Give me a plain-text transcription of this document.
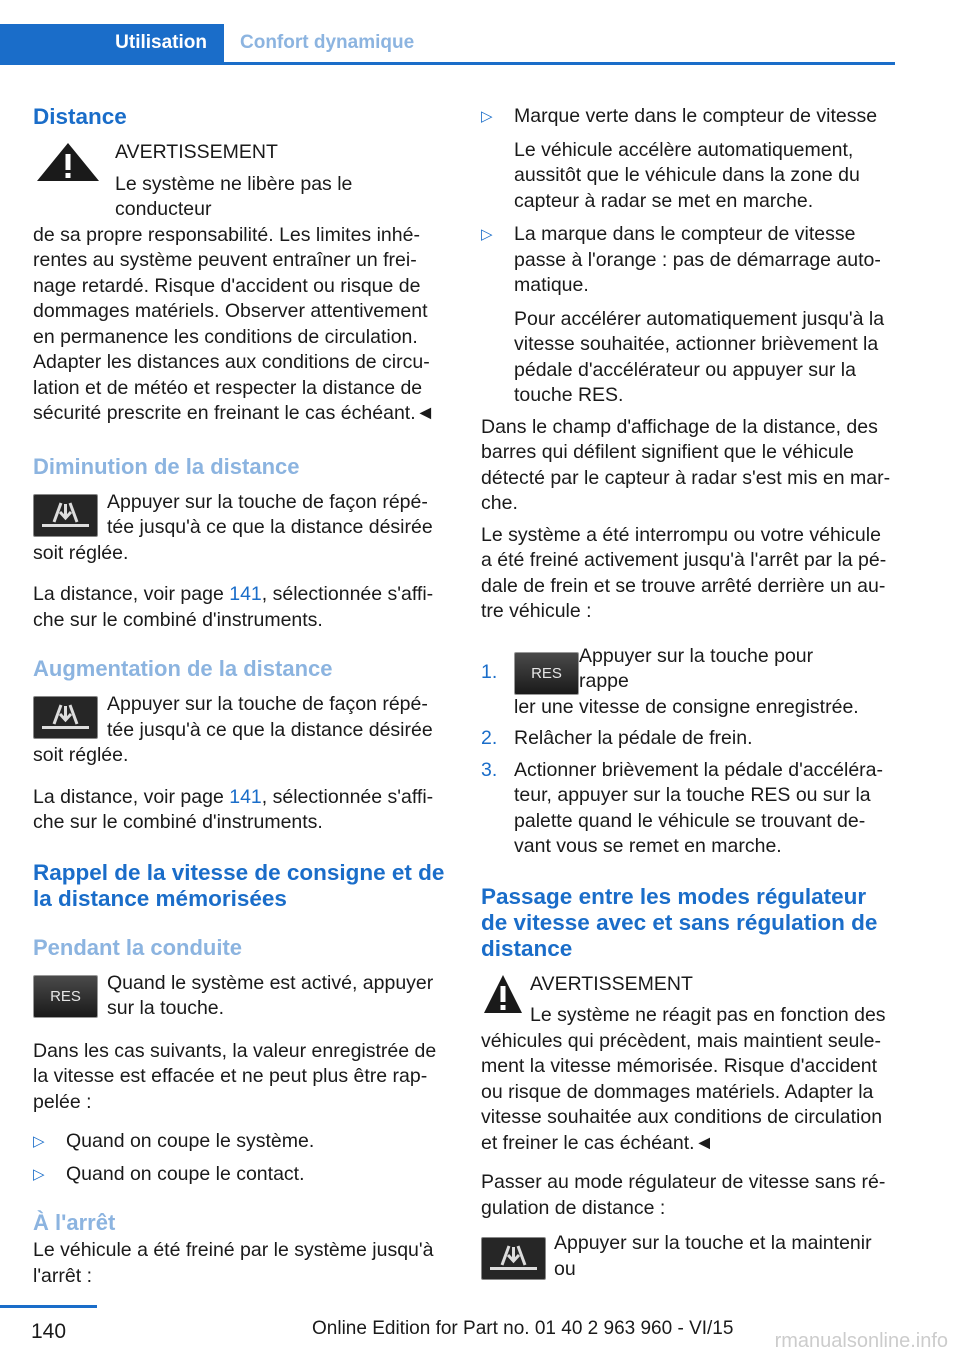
Utilisation	Confort dynamique

Distance

AVERTISSEMENT

Le système ne libère pas le conducteur

de sa propre responsabilité. Les limites inhérentes au système peuvent entraîner un freinage retardé. Risque d'accident ou risque de dommages matériels. Observer attentivement en permanence les conditions de circulation. Adapter les distances aux conditions de circulation et de météo et respecter la distance de sécurité prescrite en freinant le cas échéant.◄

Diminution de la distance

Appuyer sur la touche de façon répétée jusqu'à ce que la distance désirée

soit réglée.

La distance, voir page 141, sélectionnée s'affiche sur le combiné d'instruments.

Augmentation de la distance

Appuyer sur la touche de façon répétée jusqu'à ce que la distance désirée

soit réglée.

La distance, voir page 141, sélectionnée s'affiche sur le combiné d'instruments.

Rappel de la vitesse de consigne et de la distance mémorisées

Pendant la conduite

RES

Quand le système est activé, appuyer sur la touche.

Dans les cas suivants, la valeur enregistrée de la vitesse est effacée et ne peut plus être rappelée :

▷ Quand on coupe le système.
▷ Quand on coupe le contact.

À l'arrêt

Le véhicule a été freiné par le système jusqu'à l'arrêt :

▷ Marque verte dans le compteur de vitesse

Le véhicule accélère automatiquement, aussitôt que le véhicule dans la zone du capteur à radar se met en marche.

▷ La marque dans le compteur de vitesse passe à l'orange : pas de démarrage automatique.

Pour accélérer automatiquement jusqu'à la vitesse souhaitée, actionner brièvement la pédale d'accélérateur ou appuyer sur la touche RES.

Dans le champ d'affichage de la distance, des barres qui défilent signifient que le véhicule détecté par le capteur à radar s'est mis en marche.

Le système a été interrompu ou votre véhicule a été freiné activement jusqu'à l'arrêt par la pédale de frein et se trouve arrêté derrière un autre véhicule :

1.	RES
Appuyer sur la touche pour rappe

ler une vitesse de consigne enregistrée.

2. Relâcher la pédale de frein.
3. Actionner brièvement la pédale d'accélérateur, appuyer sur la touche RES ou sur la palette quand le véhicule se trouvant devant vous se remet en marche.

Passage entre les modes régulateur de vitesse avec et sans régulation de distance

AVERTISSEMENT

Le système ne réagit pas en fonction des

véhicules qui précèdent, mais maintient seulement la vitesse mémorisée. Risque d'accident ou risque de dommages matériels. Adapter la vitesse souhaitée aux conditions de circulation et freiner le cas échéant.◄

Passer au mode régulateur de vitesse sans régulation de distance :

Appuyer sur la touche et la maintenir ou

140	Online Edition for Part no. 01 40 2 963 960 - VI/15
rmanualsonline.info
